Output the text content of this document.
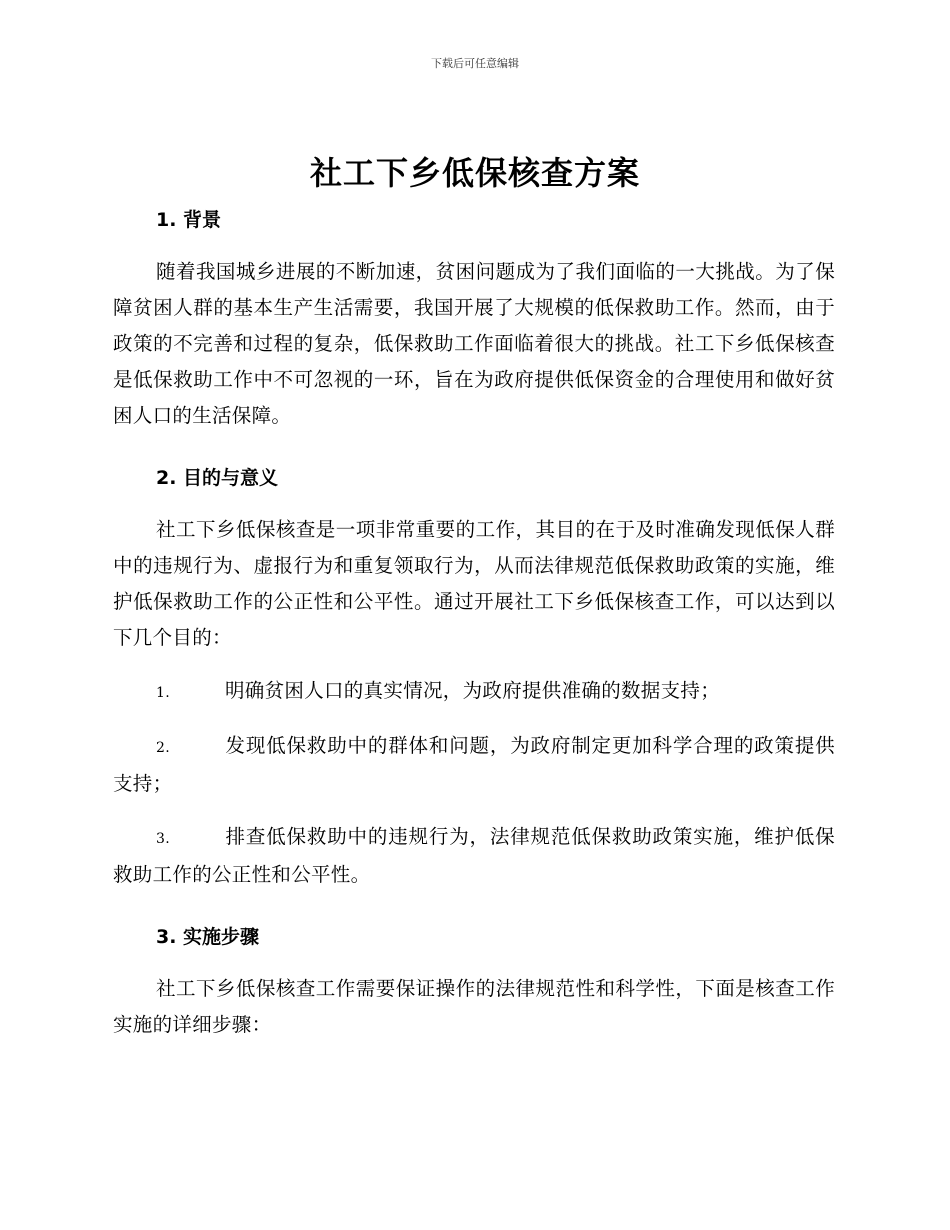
下载后可任意编辑
社工下乡低保核查方案
1. 背景

随着我国城乡进展的不断加速，贫困问题成为了我们面临的一大挑战。为了保障贫困人群的基本生产生活需要，我国开展了大规模的低保救助工作。然而，由于政策的不完善和过程的复杂，低保救助工作面临着很大的挑战。社工下乡低保核查是低保救助工作中不可忽视的一环，旨在为政府提供低保资金的合理使用和做好贫困人口的生活保障。

2. 目的与意义

社工下乡低保核查是一项非常重要的工作，其目的在于及时准确发现低保人群中的违规行为、虚报行为和重复领取行为，从而法律规范低保救助政策的实施，维护低保救助工作的公正性和公平性。通过开展社工下乡低保核查工作，可以达到以下几个目的：

1.	明确贫困人口的真实情况，为政府提供准确的数据支持；

2.	发现低保救助中的群体和问题，为政府制定更加科学合理的政策提供支持；

3.	排查低保救助中的违规行为，法律规范低保救助政策实施，维护低保救助工作的公正性和公平性。

3. 实施步骤

社工下乡低保核查工作需要保证操作的法律规范性和科学性，下面是核查工作实施的详细步骤：
